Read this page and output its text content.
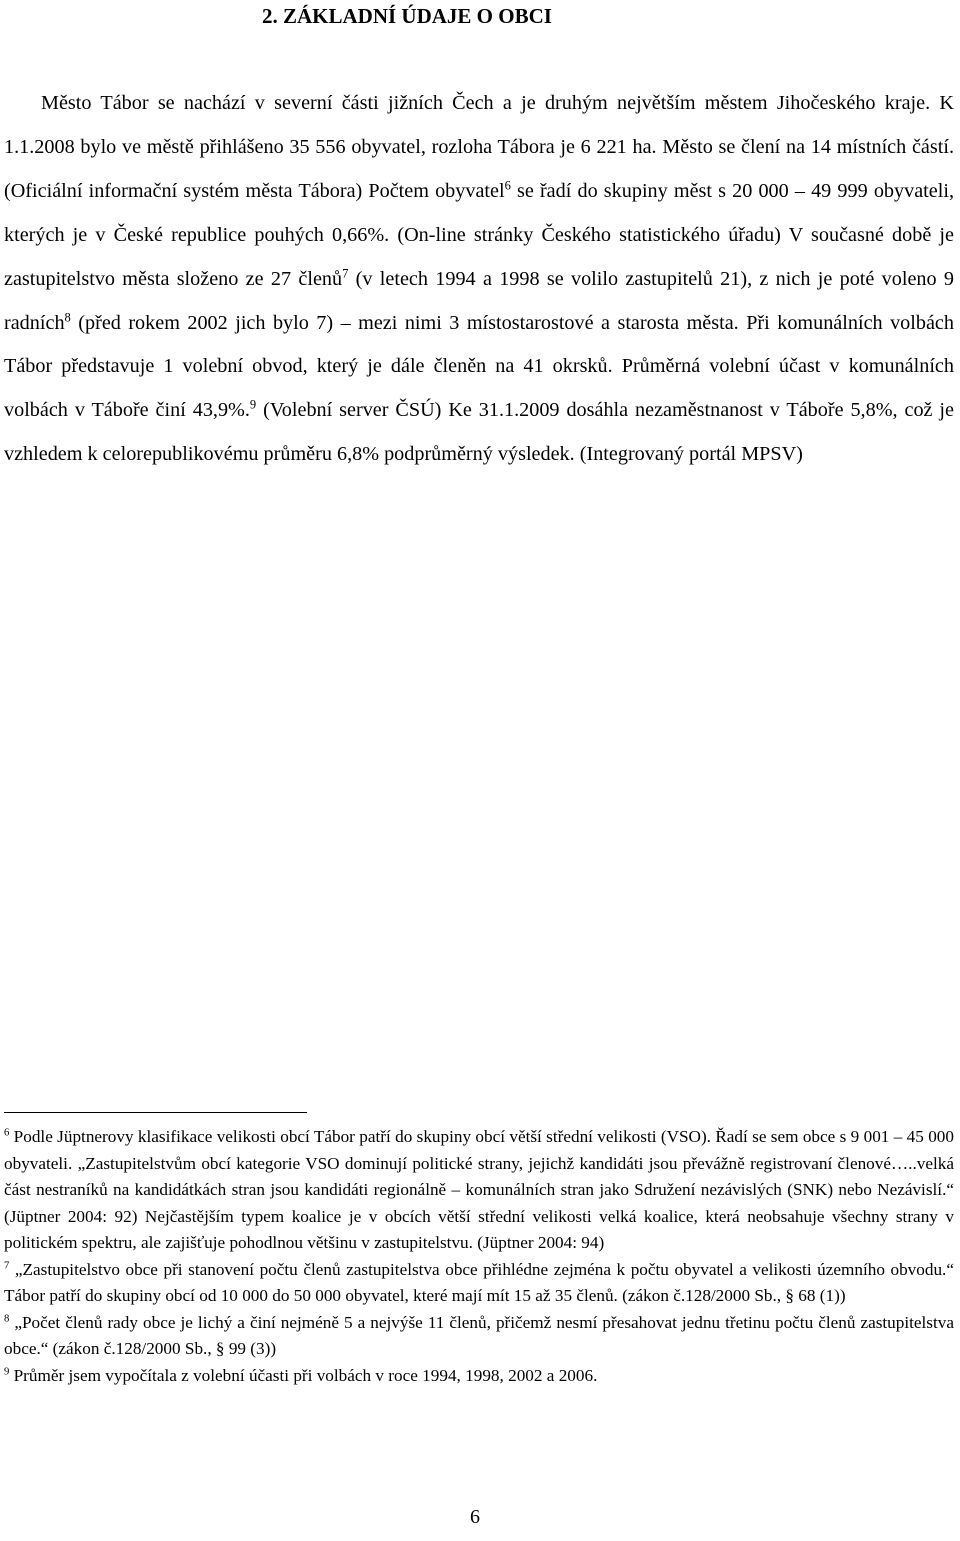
2. ZÁKLADNÍ ÚDAJE O OBCI

Město Tábor se nachází v severní části jižních Čech a je druhým největším městem Jihočeského kraje. K 1.1.2008 bylo ve městě přihlášeno 35 556 obyvatel, rozloha Tábora je 6 221 ha. Město se člení na 14 místních částí. (Oficiální informační systém města Tábora) Počtem obyvatel$^6$ se řadí do skupiny měst s 20 000 – 49 999 obyvateli, kterých je v České republice pouhých 0,66%. (On-line stránky Českého statistického úřadu) V současné době je zastupitelstvo města složeno ze 27 členů$^7$ (v letech 1994 a 1998 se volilo zastupitelů 21), z nich je poté voleno 9 radních$^8$ (před rokem 2002 jich bylo 7) – mezi nimi 3 místostarostové a starosta města. Při komunálních volbách Tábor představuje 1 volební obvod, který je dále členěn na 41 okrsků. Průměrná volební účast v komunálních volbách v Táboře činí 43,9%.$^9$ (Volební server ČSÚ) Ke 31.1.2009 dosáhla nezaměstnanost v Táboře 5,8%, což je vzhledem k celorepublikovému průměru 6,8% podprůměrný výsledek. (Integrovaný portál MPSV)

$^6$ Podle Jüptnerovy klasifikace velikosti obcí Tábor patří do skupiny obcí větší střední velikosti (VSO). Řadí se sem obce s 9 001 – 45 000 obyvateli. „Zastupitelstvům obcí kategorie VSO dominují politické strany, jejichž kandidáti jsou převážně registrovaní členové…..velká část nestraníků na kandidátkách stran jsou kandidáti regionálně – komunálních stran jako Sdružení nezávislých (SNK) nebo Nezávislí.“ (Jüptner 2004: 92) Nejčastějším typem koalice je v obcích větší střední velikosti velká koalice, která neobsahuje všechny strany v politickém spektru, ale zajišťuje pohodlnou většinu v zastupitelstvu. (Jüptner 2004: 94)
$^7$ „Zastupitelstvo obce při stanovení počtu členů zastupitelstva obce přihlédne zejména k počtu obyvatel a velikosti územního obvodu.“ Tábor patří do skupiny obcí od 10 000 do 50 000 obyvatel, které mají mít 15 až 35 členů. (zákon č.128/2000 Sb., § 68 (1))
$^8$ „Počet členů rady obce je lichý a činí nejméně 5 a nejvýše 11 členů, přičemž nesmí přesahovat jednu třetinu počtu členů zastupitelstva obce.“ (zákon č.128/2000 Sb., § 99 (3))
$^9$ Průměr jsem vypočítala z volební účasti při volbách v roce 1994, 1998, 2002 a 2006.
6
